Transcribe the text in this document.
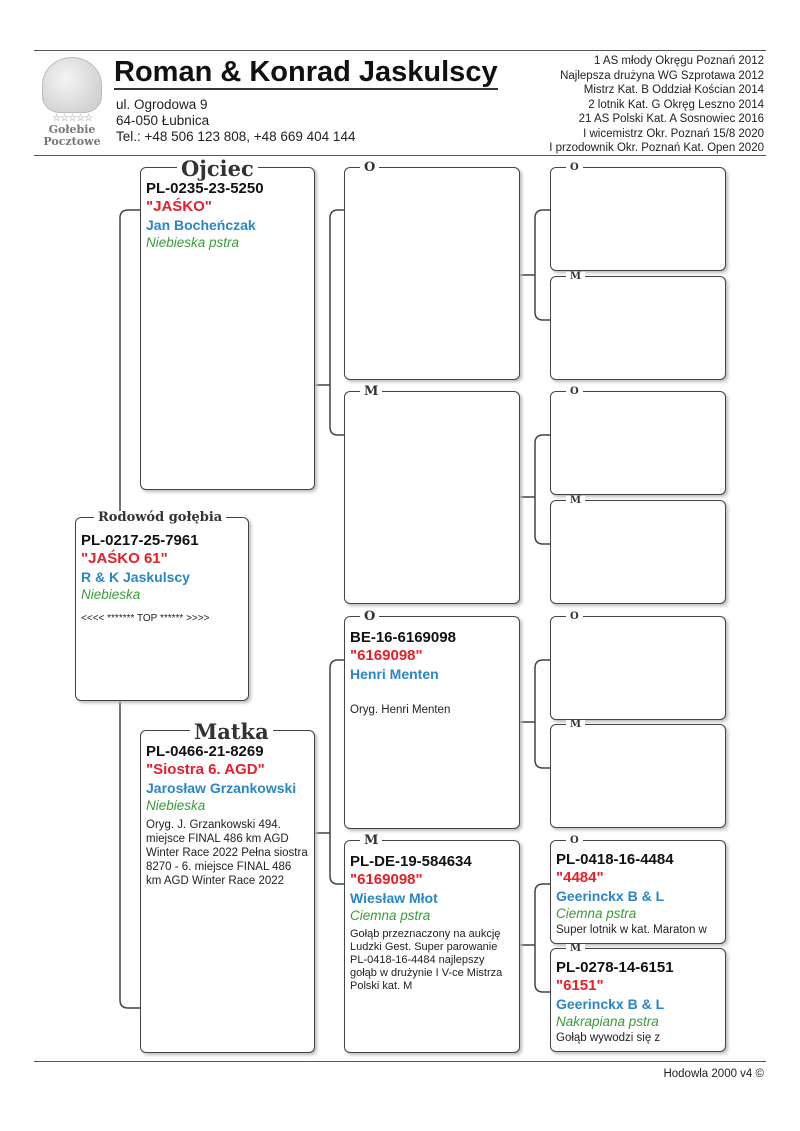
☆☆☆☆☆
Gołebie
Pocztowe
Roman & Konrad Jaskulscy
ul. Ogrodowa 9
64-050 Łubnica
Tel.: +48 506 123 808, +48 669 404 144
1 AS młody Okręgu Poznań 2012
Najlepsza drużyna WG Szprotawa 2012
Mistrz Kat. B Oddział Kościan 2014
2 lotnik Kat. G Okręg Leszno 2014
21 AS Polski Kat. A Sosnowiec 2016
I wicemistrz Okr. Poznań 15/8 2020
I przodownik Okr. Poznań Kat. Open 2020
PL-0235-23-5250
"JAŚKO"
Jan Bocheńczak
Niebieska pstra
Ojciec
PL-0217-25-7961
"JAŚKO 61"
R & K Jaskulscy
Niebieska
<<<< ******* TOP ****** >>>>
Rodowód gołębia
PL-0466-21-8269
"Siostra 6. AGD"
Jarosław Grzankowski
Niebieska
Oryg. J. Grzankowski 494. miejsce FINAL 486 km AGD Winter Race 2022 Pełna siostra 8270 - 6. miejsce FINAL 486 km AGD Winter Race 2022
Matka
O
M
BE-16-6169098
"6169098"
Henri Menten
Oryg. Henri Menten
O
PL-DE-19-584634
"6169098"
Wiesław Młot
Ciemna pstra
Gołąb przeznaczony na aukcję Ludzki Gest. Super parowanie PL-0418-16-4484 najlepszy gołąb w drużynie I V-ce Mistrza Polski kat. M
M
O
M
O
M
O
M
PL-0418-16-4484
"4484"
Geerinckx B & L
Ciemna pstra
Super lotnik w kat. Maraton w
O
PL-0278-14-6151
"6151"
Geerinckx B & L
Nakrapiana pstra
Gołąb wywodzi się z
M
Hodowla 2000 v4 ©
